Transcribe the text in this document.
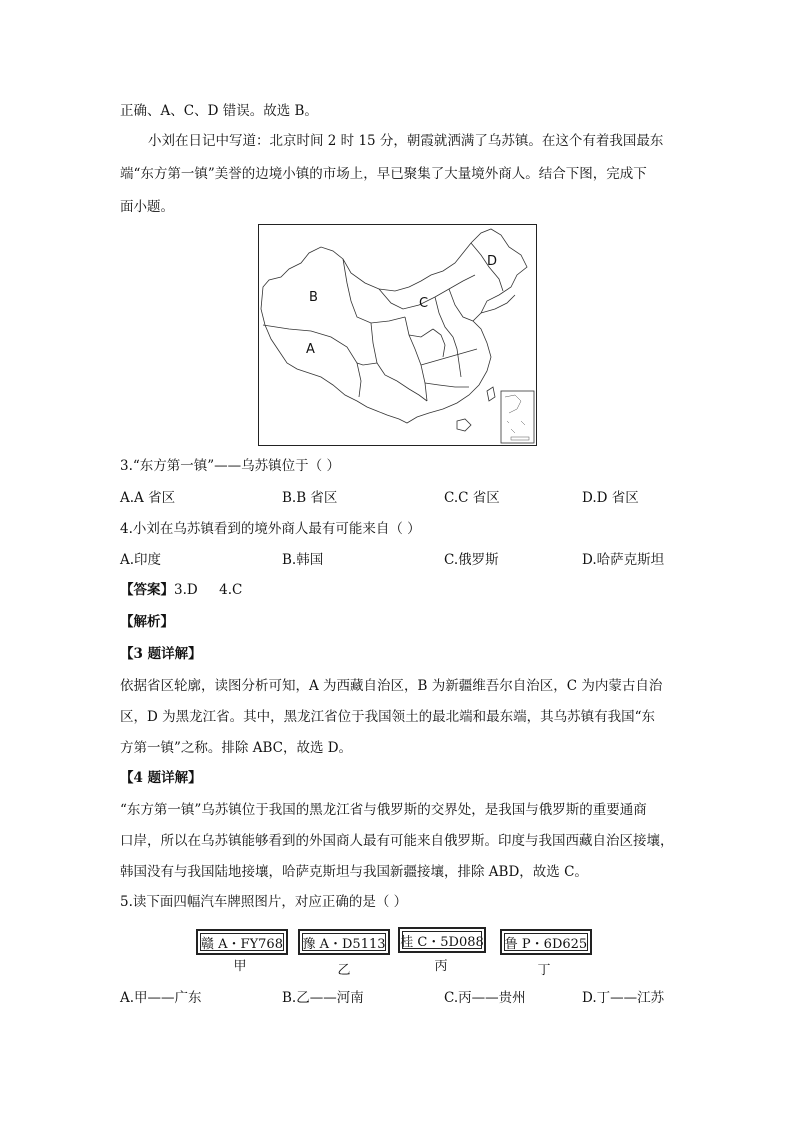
正确、A、C、D 错误。故选 B。
小刘在日记中写道：北京时间 2 时 15 分，朝霞就洒满了乌苏镇。在这个有着我国最东
端“东方第一镇”美誉的边境小镇的市场上，早已聚集了大量境外商人。结合下图，完成下
面小题。
B
A
C
D
3.“东方第一镇”——乌苏镇位于（ ）
A.A 省区	B.B 省区	C.C 省区	D.D 省区
4.小刘在乌苏镇看到的境外商人最有可能来自（ ）
A.印度	B.韩国	C.俄罗斯	D.哈萨克斯坦
【答案】3.D     4.C
【解析】
【3 题详解】
依据省区轮廓，读图分析可知，A 为西藏自治区，B 为新疆维吾尔自治区，C 为内蒙古自治
区，D 为黑龙江省。其中，黑龙江省位于我国领土的最北端和最东端，其乌苏镇有我国“东
方第一镇”之称。排除 ABC，故选 D。
【4 题详解】
“东方第一镇”乌苏镇位于我国的黑龙江省与俄罗斯的交界处，是我国与俄罗斯的重要通商
口岸，所以在乌苏镇能够看到的外国商人最有可能来自俄罗斯。印度与我国西藏自治区接壤，
韩国没有与我国陆地接壤，哈萨克斯坦与我国新疆接壤，排除 ABD，故选 C。
5.读下面四幅汽车牌照图片，对应正确的是（ ）
赣 A・FY768	豫 A・D5113	桂 C・5D088	鲁 P・6D625
甲	乙	丙	丁
A.甲——广东	B.乙——河南	C.丙——贵州	D.丁——江苏
